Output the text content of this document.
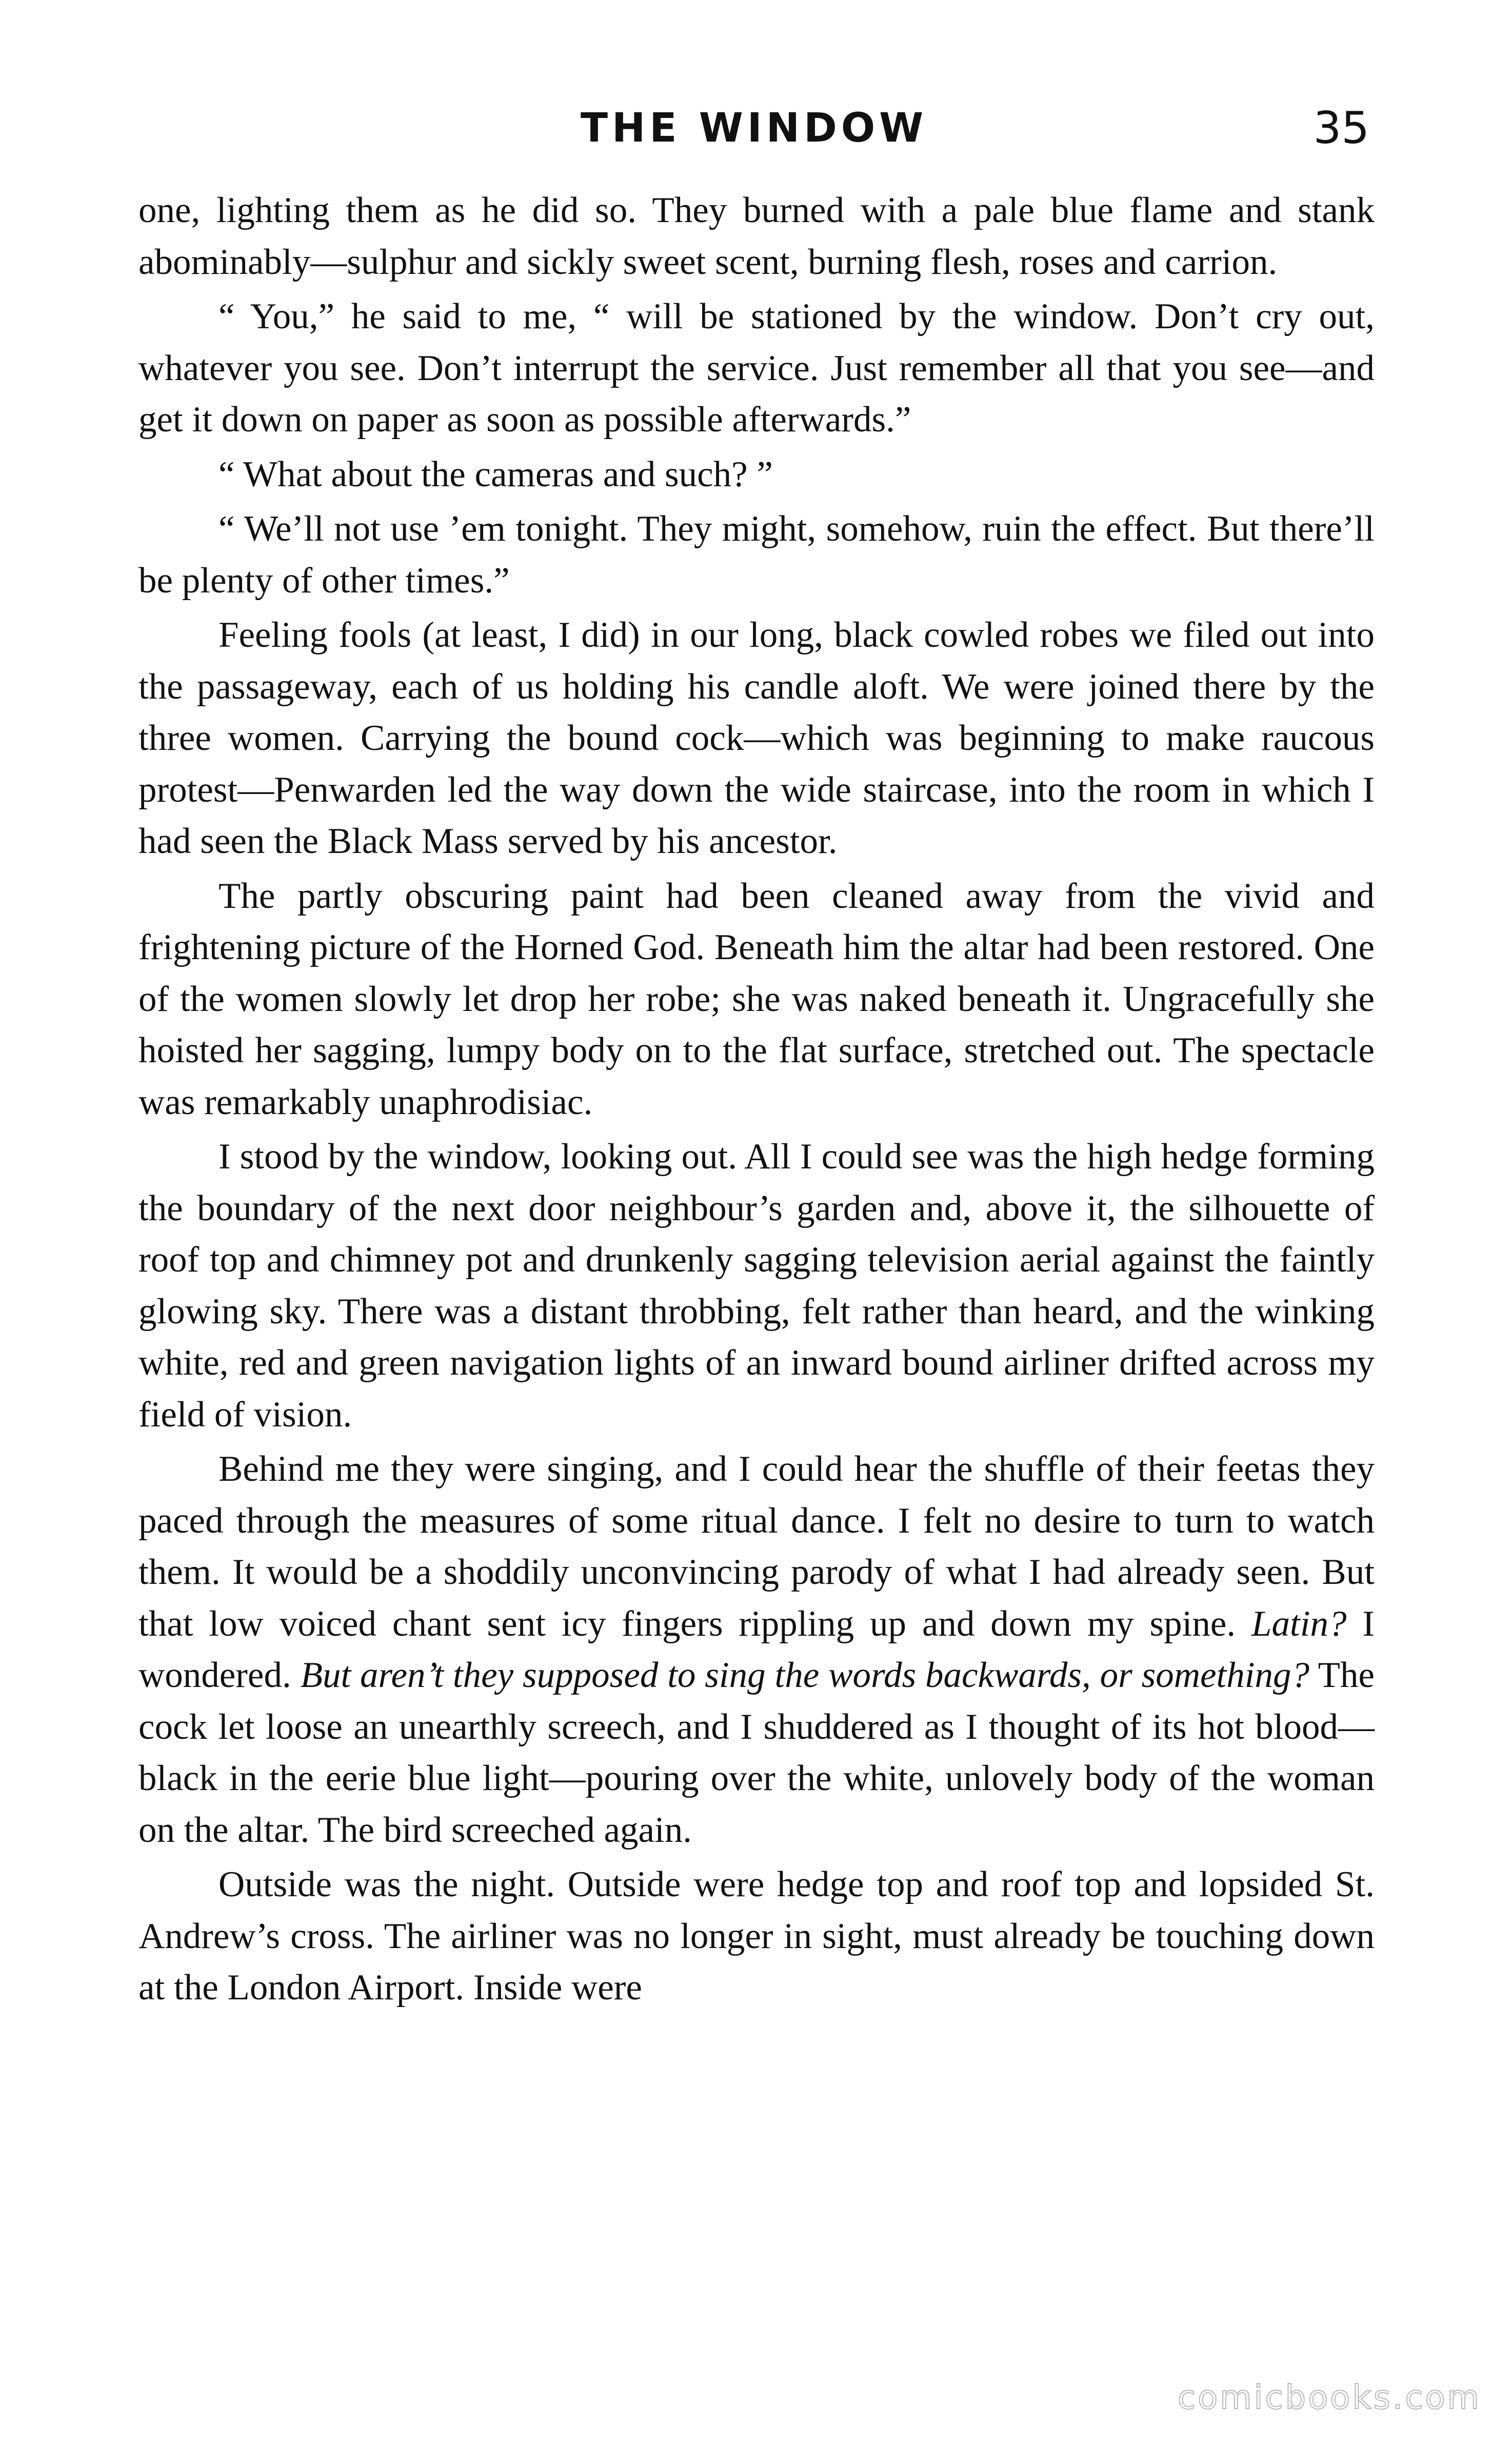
THE WINDOW	35

one, lighting them as he did so. They burned with a pale blue flame and stank abominably—sulphur and sickly sweet scent, burning flesh, roses and carrion.

“ You,” he said to me, “ will be stationed by the window. Don’t cry out, whatever you see. Don’t interrupt the service. Just remember all that you see—and get it down on paper as soon as possible afterwards.”

“ What about the cameras and such? ”

“ We’ll not use ’em tonight. They might, somehow, ruin the effect. But there’ll be plenty of other times.”

Feeling fools (at least, I did) in our long, black cowled robes we filed out into the passageway, each of us holding his candle aloft. We were joined there by the three women. Carrying the bound cock—which was beginning to make raucous protest—Penwarden led the way down the wide staircase, into the room in which I had seen the Black Mass served by his ancestor.

The partly obscuring paint had been cleaned away from the vivid and frightening picture of the Horned God. Beneath him the altar had been restored. One of the women slowly let drop her robe; she was naked beneath it. Ungracefully she hoisted her sagging, lumpy body on to the flat surface, stretched out. The spectacle was remarkably unaphrodisiac.

I stood by the window, looking out. All I could see was the high hedge forming the boundary of the next door neighbour’s garden and, above it, the silhouette of roof top and chimney pot and drunkenly sagging television aerial against the faintly glowing sky. There was a distant throbbing, felt rather than heard, and the winking white, red and green navigation lights of an inward bound airliner drifted across my field of vision.

Behind me they were singing, and I could hear the shuffle of their feetas they paced through the measures of some ritual dance. I felt no desire to turn to watch them. It would be a shoddily unconvincing parody of what I had already seen. But that low voiced chant sent icy fingers rippling up and down my spine. Latin? I wondered. But aren’t they supposed to sing the words backwards, or something? The cock let loose an unearthly screech, and I shuddered as I thought of its hot blood—black in the eerie blue light—pouring over the white, unlovely body of the woman on the altar. The bird screeched again.

Outside was the night. Outside were hedge top and roof top and lopsided St. Andrew’s cross. The airliner was no longer in sight, must already be touching down at the London Airport. Inside were

comicbooks.com
